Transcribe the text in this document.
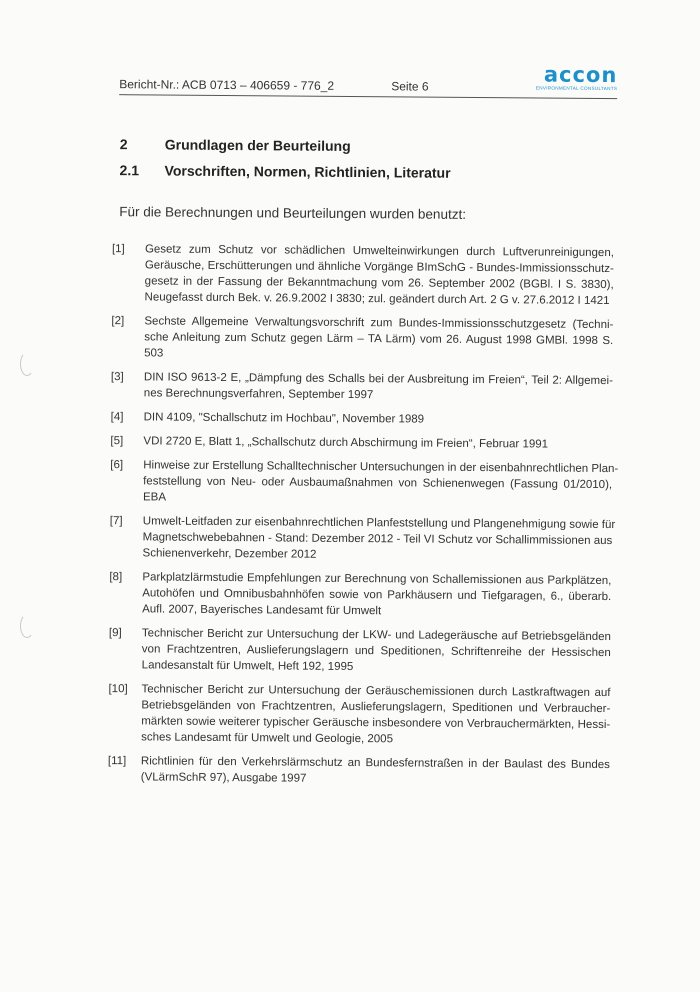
Bericht-Nr.: ACB 0713 – 406659 - 776_2	Seite 6	accon
ENVIRONMENTAL CONSULTANTS
2	Grundlagen der Beurteilung
2.1 Vorschriften, Normen, Richtlinien, Literatur
Für die Berechnungen und Beurteilungen wurden benutzt:
[1] Gesetz zum Schutz vor schädlichen Umwelteinwirkungen durch Luftverunreinigungen,
Geräusche, Erschütterungen und ähnliche Vorgänge BImSchG - Bundes-Immissionsschutz-
gesetz in der Fassung der Bekanntmachung vom 26. September 2002 (BGBl. I S. 3830),
Neugefasst durch Bek. v. 26.9.2002 I 3830; zul. geändert durch Art. 2 G v. 27.6.2012 I 1421
[2] Sechste Allgemeine Verwaltungsvorschrift zum Bundes-Immissionsschutzgesetz (Techni-
sche Anleitung zum Schutz gegen Lärm – TA Lärm) vom 26. August 1998 GMBl. 1998 S.
503
[3] DIN ISO 9613-2 E, „Dämpfung des Schalls bei der Ausbreitung im Freien“, Teil 2: Allgemei-
nes Berechnungsverfahren, September 1997
[4] DIN 4109, "Schallschutz im Hochbau", November 1989
[5] VDI 2720 E, Blatt 1, „Schallschutz durch Abschirmung im Freien“, Februar 1991
[6] Hinweise zur Erstellung Schalltechnischer Untersuchungen in der eisenbahnrechtlichen Plan-
feststellung von Neu- oder Ausbaumaßnahmen von Schienenwegen (Fassung 01/2010),
EBA
[7] Umwelt-Leitfaden zur eisenbahnrechtlichen Planfeststellung und Plangenehmigung sowie für
Magnetschwebebahnen - Stand: Dezember 2012 - Teil VI Schutz vor Schallimmissionen aus
Schienenverkehr, Dezember 2012
[8] Parkplatzlärmstudie Empfehlungen zur Berechnung von Schallemissionen aus Parkplätzen,
Autohöfen und Omnibusbahnhöfen sowie von Parkhäusern und Tiefgaragen, 6., überarb.
Aufl. 2007, Bayerisches Landesamt für Umwelt
[9] Technischer Bericht zur Untersuchung der LKW- und Ladegeräusche auf Betriebsgeländen
von Frachtzentren, Auslieferungslagern und Speditionen, Schriftenreihe der Hessischen
Landesanstalt für Umwelt, Heft 192, 1995
[10] Technischer Bericht zur Untersuchung der Geräuschemissionen durch Lastkraftwagen auf
Betriebsgeländen von Frachtzentren, Auslieferungslagern, Speditionen und Verbraucher-
märkten sowie weiterer typischer Geräusche insbesondere von Verbrauchermärkten, Hessi-
sches Landesamt für Umwelt und Geologie, 2005
[11] Richtlinien für den Verkehrslärmschutz an Bundesfernstraßen in der Baulast des Bundes
(VLärmSchR 97), Ausgabe 1997
